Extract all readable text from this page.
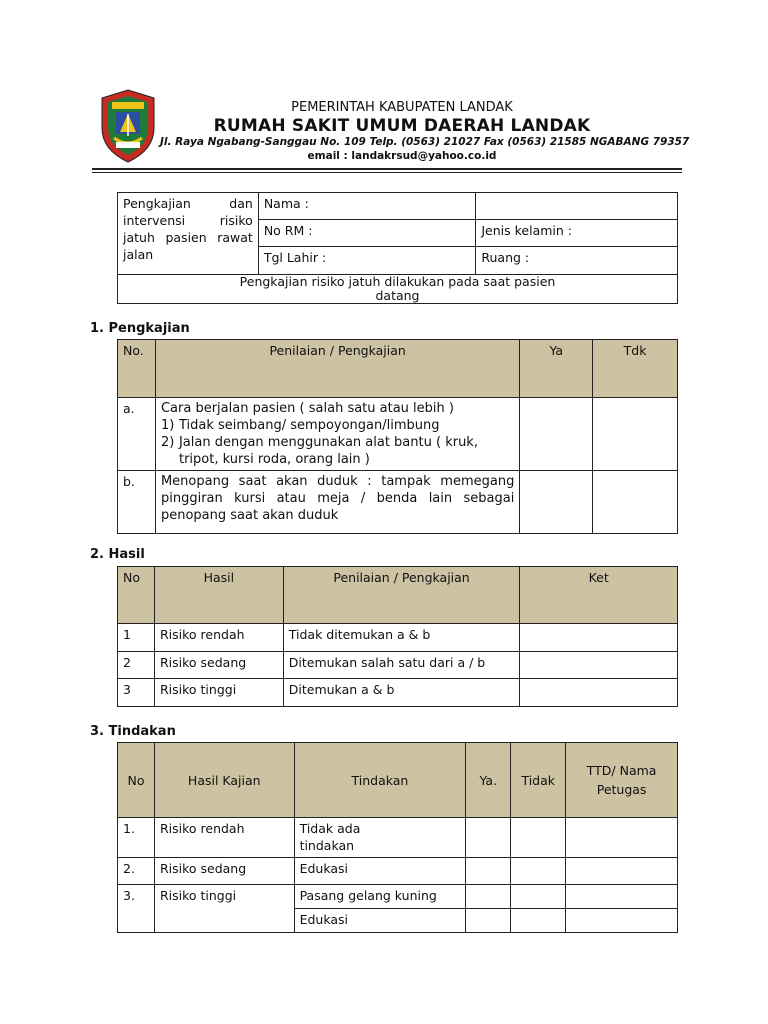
PEMERINTAH KABUPATEN LANDAK
RUMAH SAKIT UMUM DAERAH LANDAK
Jl. Raya Ngabang-Sanggau No. 109 Telp. (0563) 21027 Fax (0563) 21585 NGABANG 79357
email : landakrsud@yahoo.co.id
Pengkajian dan intervensi risiko jatuh pasien rawat jalan	Nama :	
	No RM :	Jenis kelamin :
	Tgl Lahir :	Ruang :
Pengkajian risiko jatuh dilakukan pada saat pasien datang		
1. Pengkajian
No.	Penilaian / Pengkajian	Ya	Tdk
a.	Cara berjalan pasien ( salah satu atau lebih )
1) Tidak seimbang/ sempoyongan/limbung
2) Jalan dengan menggunakan alat bantu ( kruk, tripot, kursi roda, orang lain )		

b.	Menopang saat akan duduk : tampak memegang pinggiran kursi atau meja / benda lain sebagai penopang saat akan duduk		
2. Hasil
No	Hasil	Penilaian / Pengkajian	Ket
1	Risiko rendah	Tidak ditemukan a & b	
2	Risiko sedang	Ditemukan salah satu dari a / b	
3	Risiko tinggi	Ditemukan a & b	
3. Tindakan
No	Hasil Kajian	Tindakan	Ya.	Tidak	TTD/ Nama Petugas
1.	Risiko rendah	Tidak ada tindakan			
2.	Risiko sedang	Edukasi			
3.	Risiko tinggi	Pasang gelang kuning			
		Edukasi			
